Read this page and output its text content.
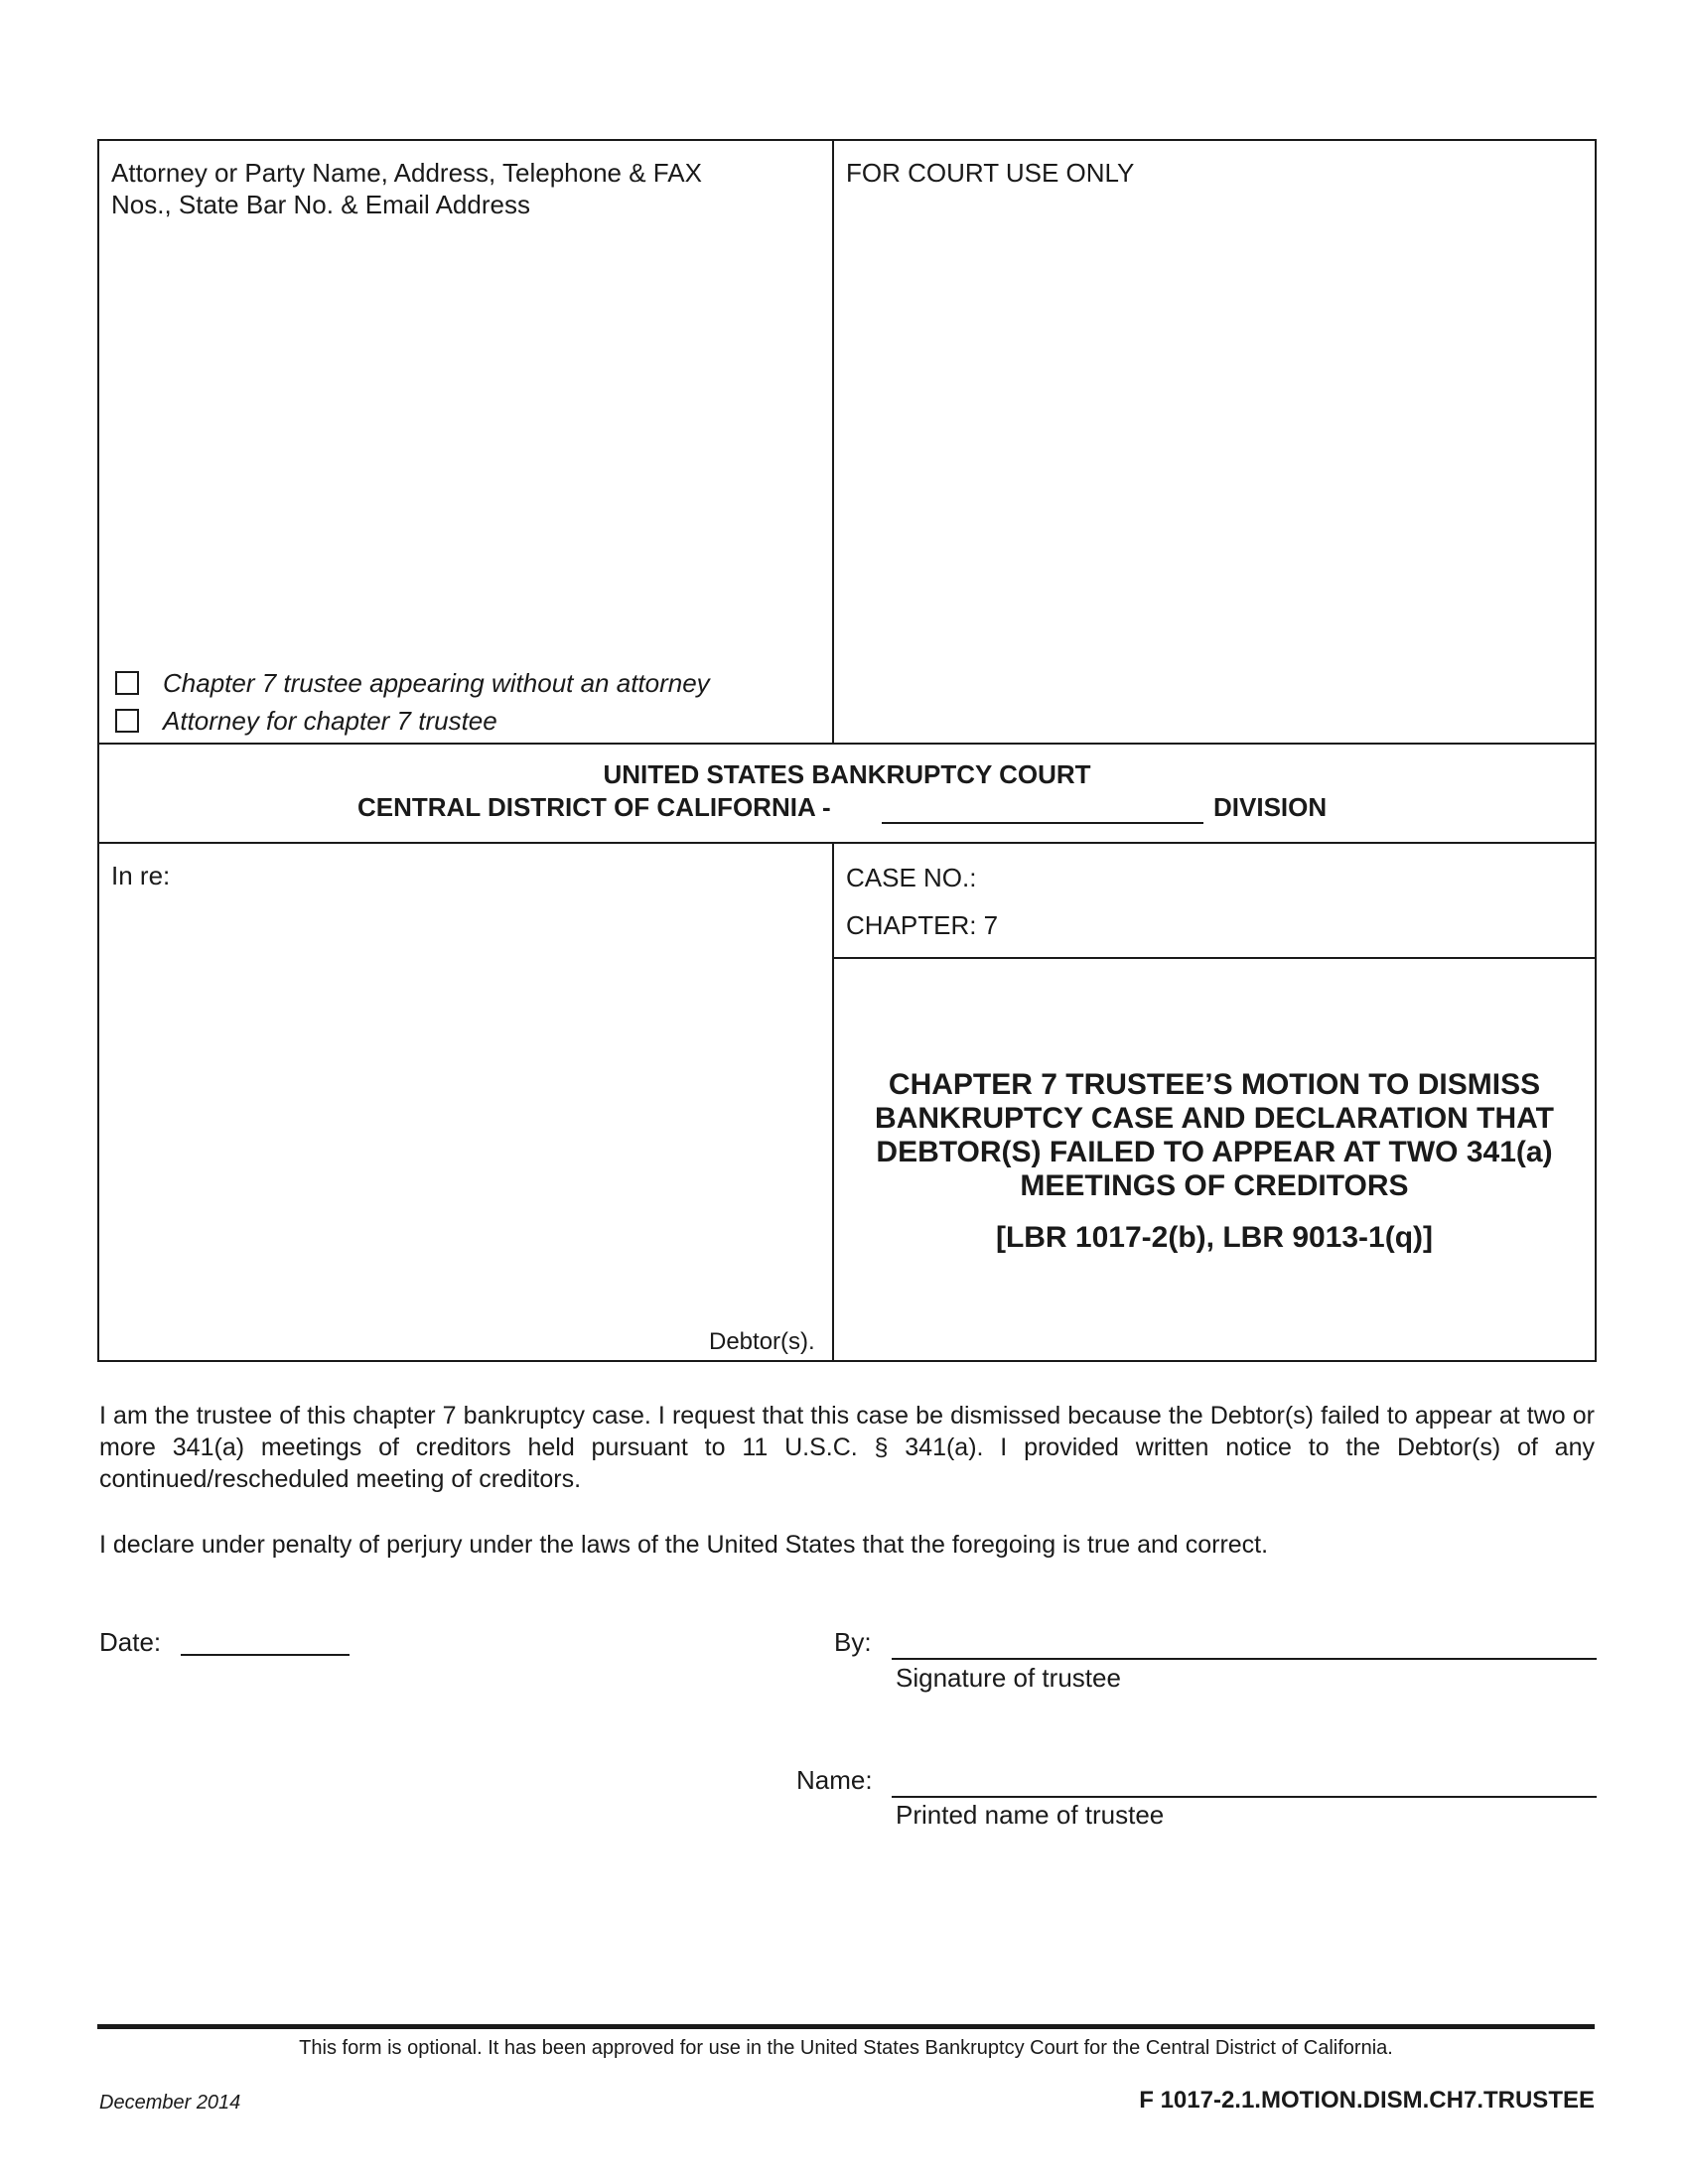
Attorney or Party Name, Address, Telephone & FAX
Nos., State Bar No. & Email Address
FOR COURT USE ONLY
Chapter 7 trustee appearing without an attorney
Attorney for chapter 7 trustee
UNITED STATES BANKRUPTCY COURT
CENTRAL DISTRICT OF CALIFORNIA -	DIVISION
In re:
Debtor(s).
CASE NO.:
CHAPTER: 7
CHAPTER 7 TRUSTEE’S MOTION TO DISMISS BANKRUPTCY CASE AND DECLARATION THAT DEBTOR(S) FAILED TO APPEAR AT TWO 341(a) MEETINGS OF CREDITORS
[LBR 1017-2(b), LBR 9013-1(q)]
I am the trustee of this chapter 7 bankruptcy case. I request that this case be dismissed because the Debtor(s) failed to appear at two or more 341(a) meetings of creditors held pursuant to 11 U.S.C. § 341(a). I provided written notice to the Debtor(s) of any continued/rescheduled meeting of creditors.
I declare under penalty of perjury under the laws of the United States that the foregoing is true and correct.
Date:	By:
Signature of trustee
Name:
Printed name of trustee
This form is optional. It has been approved for use in the United States Bankruptcy Court for the Central District of California.
December 2014	F 1017-2.1.MOTION.DISM.CH7.TRUSTEE
